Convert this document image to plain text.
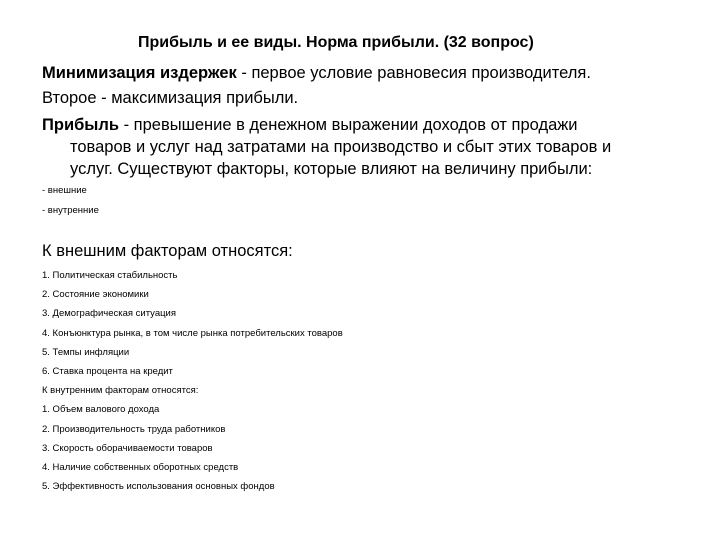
Прибыль и ее виды. Норма прибыли. (32 вопрос)
Минимизация издержек - первое условие равновесия производителя.
Второе - максимизация прибыли.
Прибыль - превышение в денежном выражении доходов от продажи
товаров и услуг над затратами на производство и сбыт этих товаров и
услуг. Существуют факторы, которые влияют на величину прибыли:
- внешние
- внутренние
К внешним факторам относятся:
1. Политическая стабильность
2. Состояние экономики
3. Демографическая ситуация
4. Конъюнктура рынка, в том числе рынка потребительских товаров
5. Темпы инфляции
6. Ставка процента на кредит
К внутренним факторам относятся:
1. Объем валового дохода
2. Производительность труда работников
3. Скорость оборачиваемости товаров
4. Наличие собственных оборотных средств
5. Эффективность использования основных фондов
